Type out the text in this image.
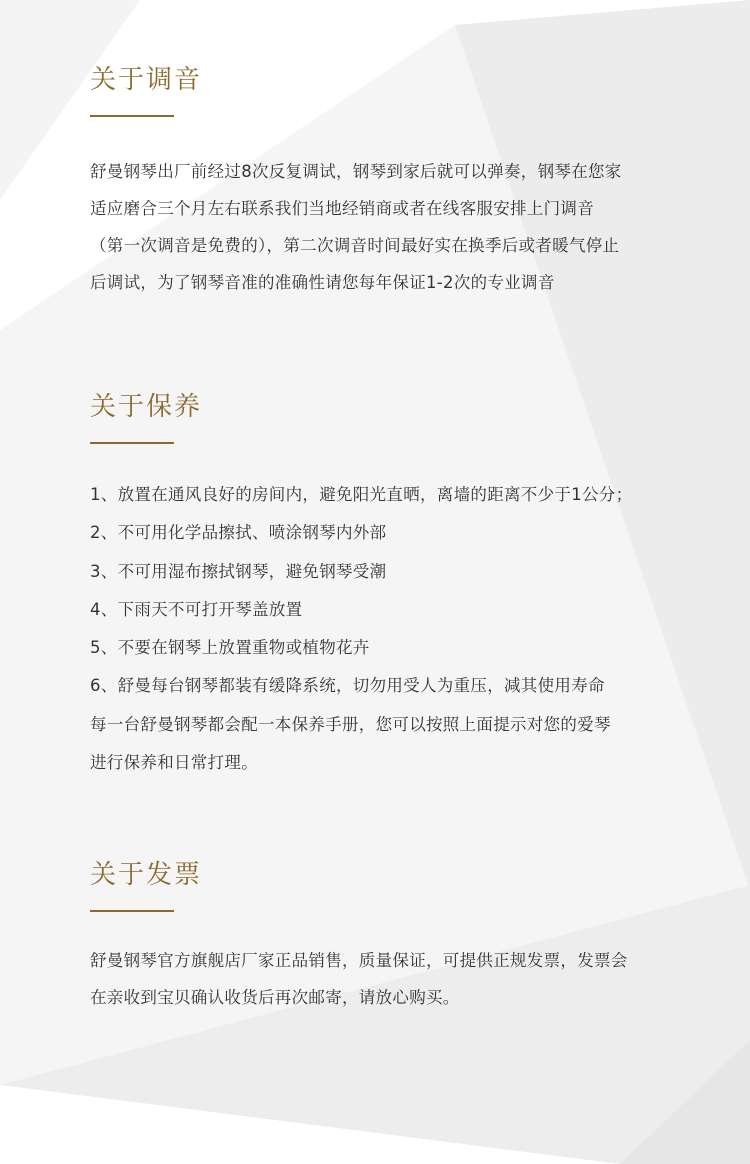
关于调音

舒曼钢琴出厂前经过8次反复调试，钢琴到家后就可以弹奏，钢琴在您家
适应磨合三个月左右联系我们当地经销商或者在线客服安排上门调音
（第一次调音是免费的），第二次调音时间最好实在换季后或者暖气停止
后调试，为了钢琴音准的准确性请您每年保证1-2次的专业调音

关于保养
1、放置在通风良好的房间内，避免阳光直晒，离墙的距离不少于1公分；
2、不可用化学品擦拭、喷涂钢琴内外部
3、不可用湿布擦拭钢琴，避免钢琴受潮
4、下雨天不可打开琴盖放置
5、不要在钢琴上放置重物或植物花卉
6、舒曼每台钢琴都装有缓降系统，切勿用受人为重压，减其使用寿命
每一台舒曼钢琴都会配一本保养手册，您可以按照上面提示对您的爱琴
进行保养和日常打理。
关于发票

舒曼钢琴官方旗舰店厂家正品销售，质量保证，可提供正规发票，发票会
在亲收到宝贝确认收货后再次邮寄，请放心购买。
